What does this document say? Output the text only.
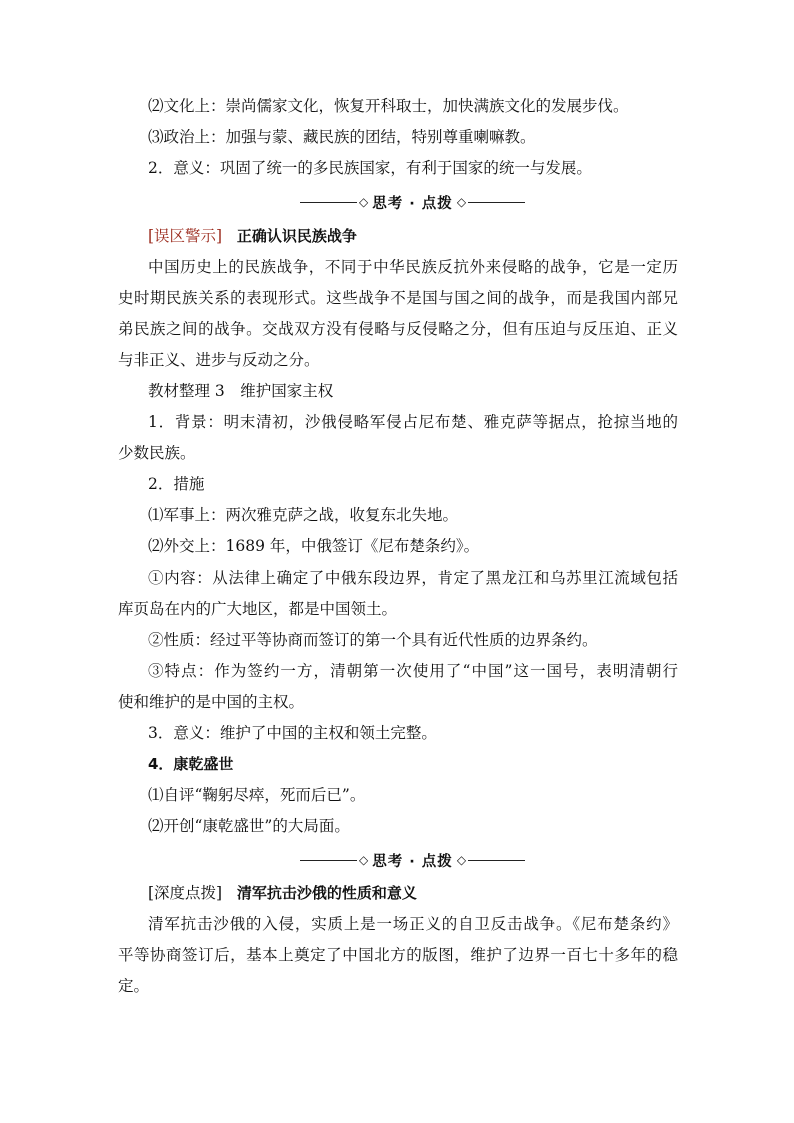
⑵文化上：崇尚儒家文化，恢复开科取士，加快满族文化的发展步伐。
⑶政治上：加强与蒙、藏民族的团结，特别尊重喇嘛教。
2．意义：巩固了统一的多民族国家，有利于国家的统一与发展。
◇ 思考 · 点拨 ◇
[误区警示] 正确认识民族战争
中国历史上的民族战争，不同于中华民族反抗外来侵略的战争，它是一定历
史时期民族关系的表现形式。这些战争不是国与国之间的战争，而是我国内部兄
弟民族之间的战争。交战双方没有侵略与反侵略之分，但有压迫与反压迫、正义
与非正义、进步与反动之分。
教材整理 3　维护国家主权
1．背景：明末清初，沙俄侵略军侵占尼布楚、雅克萨等据点，抢掠当地的
少数民族。
2．措施
⑴军事上：两次雅克萨之战，收复东北失地。
⑵外交上：1689 年，中俄签订《尼布楚条约》。
①内容：从法律上确定了中俄东段边界，肯定了黑龙江和乌苏里江流域包括
库页岛在内的广大地区，都是中国领土。
②性质：经过平等协商而签订的第一个具有近代性质的边界条约。
③特点：作为签约一方，清朝第一次使用了“中国”这一国号，表明清朝行
使和维护的是中国的主权。
3．意义：维护了中国的主权和领土完整。
4．康乾盛世
⑴自评“鞠躬尽瘁，死而后已”。
⑵开创“康乾盛世”的大局面。
◇ 思考 · 点拨 ◇
[深度点拨] 清军抗击沙俄的性质和意义
清军抗击沙俄的入侵，实质上是一场正义的自卫反击战争。《尼布楚条约》
平等协商签订后，基本上奠定了中国北方的版图，维护了边界一百七十多年的稳
定。
